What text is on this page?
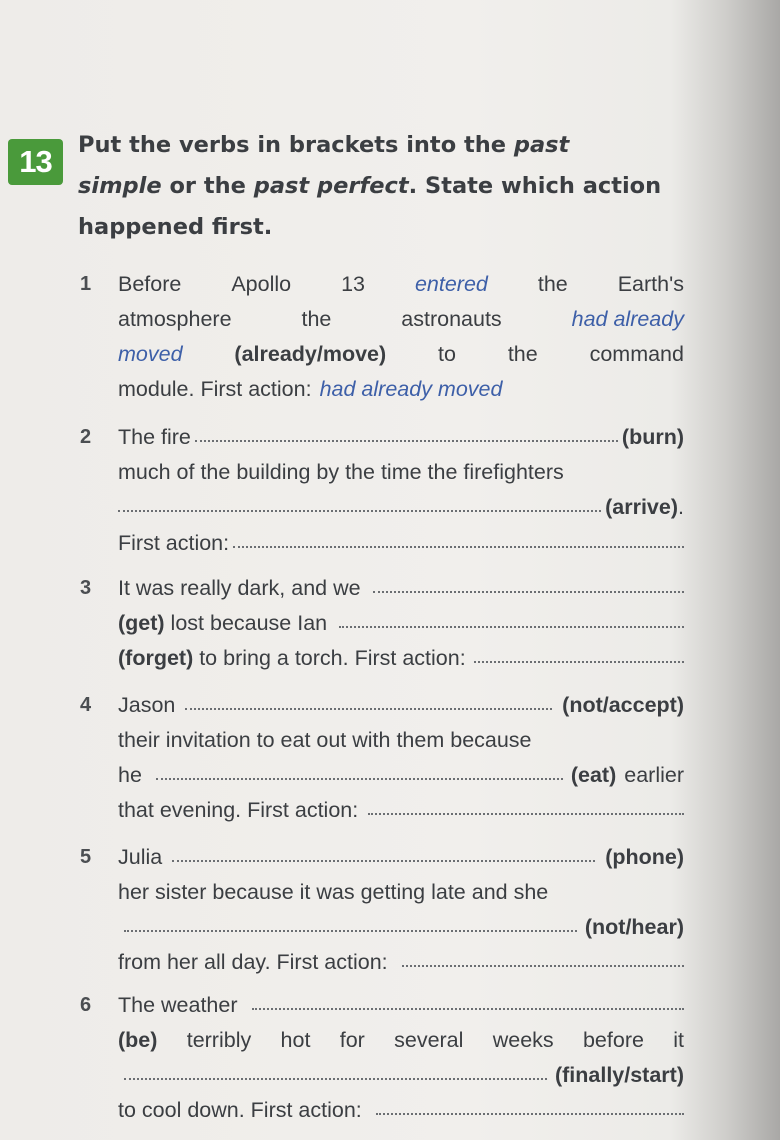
13	Put the verbs in brackets into the past
simple or the past perfect. State which action
happened first.
1 Before Apollo 13 entered the Earth's
atmosphere	the	astronauts	had already
moved (already/move) to the command
module. First action: had already moved
2 The fire	(burn)
much of the building by the time the firefighters
(arrive) .
First action:
3 It was really dark, and we
(get) lost because Ian
(forget) to bring a torch. First action:
4 Jason	(not/accept)
their invitation to eat out with them because
he	(eat) earlier
that evening. First action:
5 Julia	(phone)
her sister because it was getting late and she
(not/hear)
from her all day. First action:
6 The weather
(be) terribly hot for several weeks before it
(finally/start)
to cool down. First action:
